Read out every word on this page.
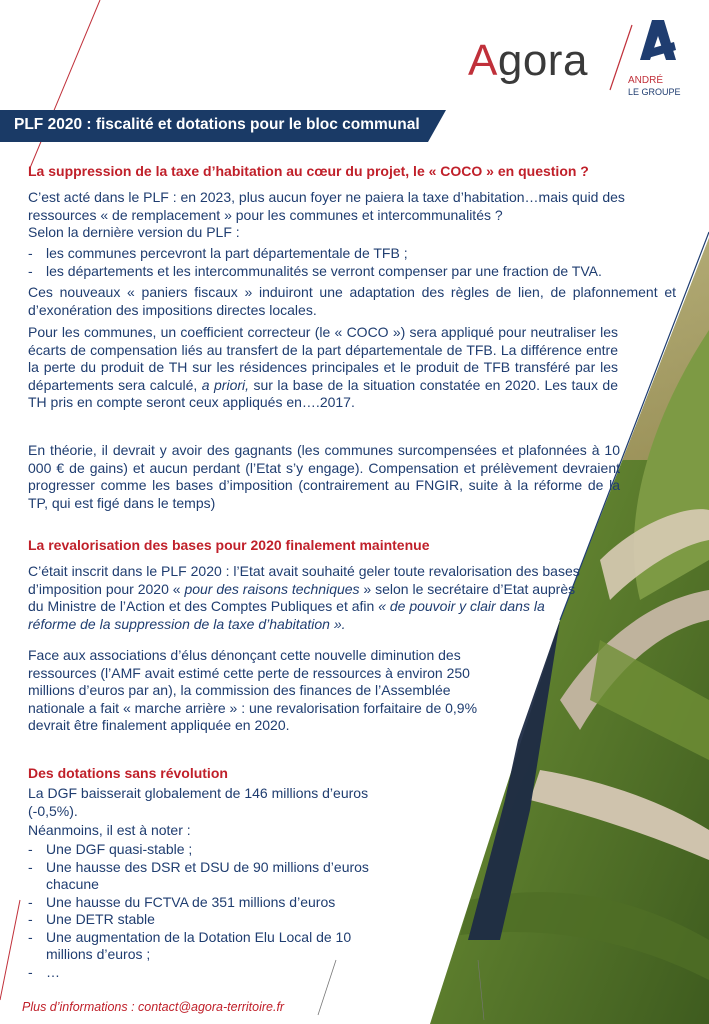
Agora	ANDRÉ
LE GROUPE
PLF 2020 : fiscalité et dotations pour le bloc communal
La suppression de la taxe d’habitation au cœur du projet, le « COCO » en question ?
C’est acté dans le PLF : en 2023, plus aucun foyer ne paiera la taxe d’habitation…mais quid des ressources « de remplacement » pour les communes et intercommunalités ?
Selon la dernière version du PLF :
- les communes percevront la part départementale de TFB ;
- les départements et les intercommunalités se verront compenser par une fraction de TVA.
Ces nouveaux « paniers fiscaux » induiront une adaptation des règles de lien, de plafonnement et d’exonération des impositions directes locales.
Pour les communes, un coefficient correcteur (le « COCO ») sera appliqué pour neutraliser les écarts de compensation liés au transfert de la part départementale de TFB. La différence entre la perte du produit de TH sur les résidences principales et le produit de TFB transféré par les départements sera calculé, a priori, sur la base de la situation constatée en 2020. Les taux de TH pris en compte seront ceux appliqués en….2017.
En théorie, il devrait y avoir des gagnants (les communes surcompensées et plafonnées à 10 000 € de gains) et aucun perdant (l’Etat s’y engage). Compensation et prélèvement devraient progresser comme les bases d’imposition (contrairement au FNGIR, suite à la réforme de la TP, qui est figé dans le temps)
La revalorisation des bases pour 2020 finalement maintenue
C’était inscrit dans le PLF 2020 : l’Etat avait souhaité geler toute revalorisation des bases d’imposition pour 2020 « pour des raisons techniques » selon le secrétaire d’Etat auprès du Ministre de l’Action et des Comptes Publiques et afin « de pouvoir y clair dans la réforme de la suppression de la taxe d’habitation ».
Face aux associations d’élus dénonçant cette nouvelle diminution des ressources (l’AMF avait estimé cette perte de ressources à environ 250 millions d’euros par an), la commission des finances de l’Assemblée nationale a fait « marche arrière » : une revalorisation forfaitaire de 0,9% devrait être finalement appliquée en 2020.
Des dotations sans révolution
La DGF baisserait globalement de 146 millions d’euros (-0,5%).
Néanmoins, il est à noter :
- Une DGF quasi-stable ;
- Une hausse des DSR et DSU de 90 millions d’euros chacune
- Une hausse du FCTVA de 351 millions d’euros
- Une DETR stable
- Une augmentation de la Dotation Elu Local de 10 millions d’euros ;
- …
Plus d’informations : contact@agora-territoire.fr
